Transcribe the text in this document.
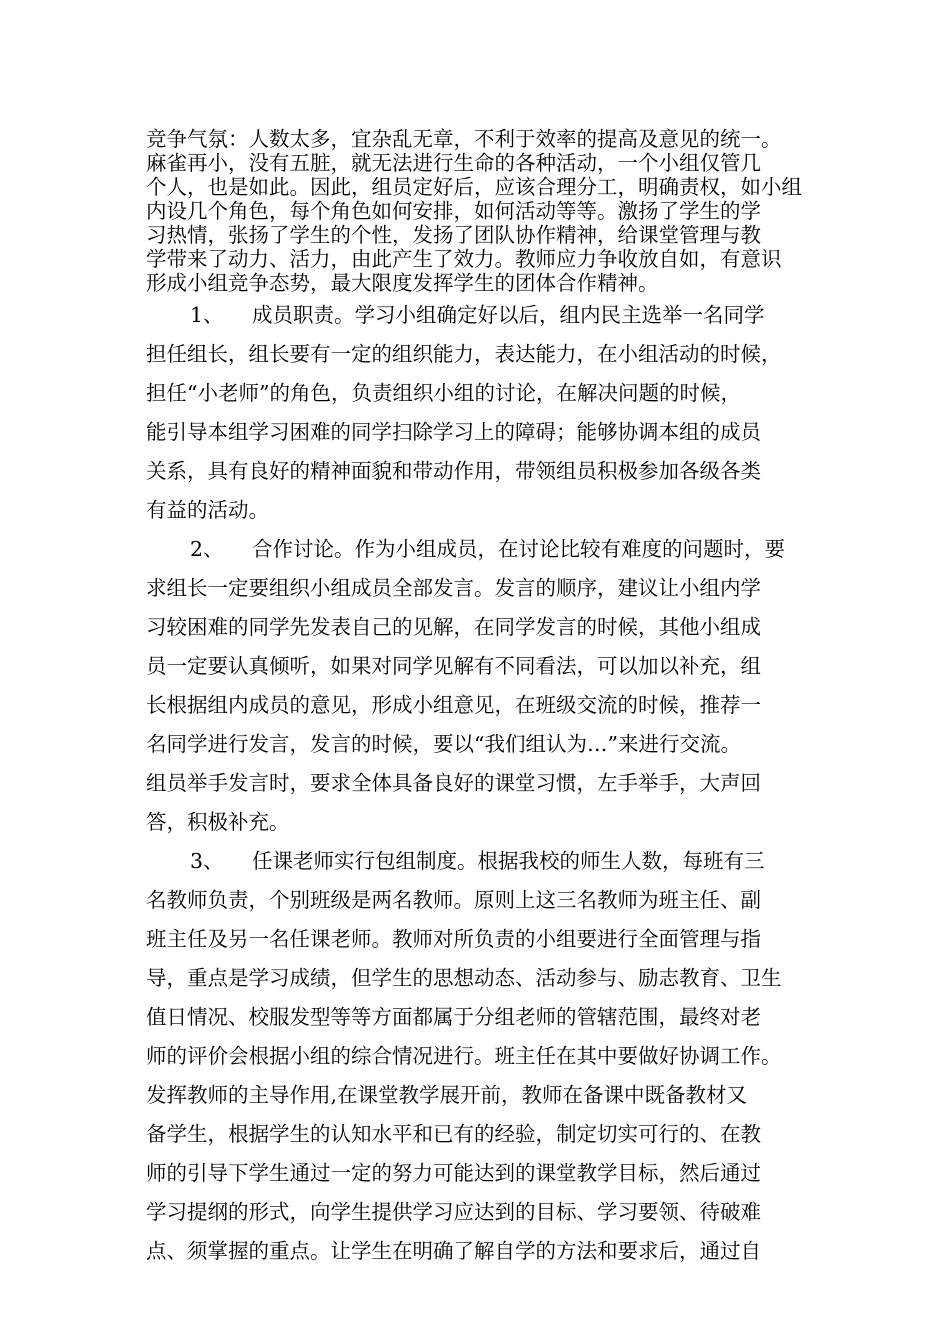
竞争气氛：人数太多，宜杂乱无章，不利于效率的提高及意见的统一。
麻雀再小，没有五脏，就无法进行生命的各种活动，一个小组仅管几
个人，也是如此。因此，组员定好后，应该合理分工，明确责权，如小组
内设几个角色，每个角色如何安排，如何活动等等。激扬了学生的学
习热情，张扬了学生的个性，发扬了团队协作精神，给课堂管理与教
学带来了动力、活力，由此产生了效力。教师应力争收放自如，有意识
形成小组竞争态势，最大限度发挥学生的团体合作精神。
1、 成员职责。学习小组确定好以后，组内民主选举一名同学
担任组长，组长要有一定的组织能力，表达能力，在小组活动的时候，
担任“小老师”的角色，负责组织小组的讨论，在解决问题的时候，
能引导本组学习困难的同学扫除学习上的障碍；能够协调本组的成员
关系，具有良好的精神面貌和带动作用，带领组员积极参加各级各类
有益的活动。
2、 合作讨论。作为小组成员，在讨论比较有难度的问题时，要
求组长一定要组织小组成员全部发言。发言的顺序，建议让小组内学
习较困难的同学先发表自己的见解，在同学发言的时候，其他小组成
员一定要认真倾听，如果对同学见解有不同看法，可以加以补充，组
长根据组内成员的意见，形成小组意见，在班级交流的时候，推荐一
名同学进行发言，发言的时候，要以“我们组认为…”来进行交流。
组员举手发言时，要求全体具备良好的课堂习惯，左手举手，大声回
答，积极补充。
3、 任课老师实行包组制度。根据我校的师生人数，每班有三
名教师负责，个别班级是两名教师。原则上这三名教师为班主任、副
班主任及另一名任课老师。教师对所负责的小组要进行全面管理与指
导，重点是学习成绩，但学生的思想动态、活动参与、励志教育、卫生
值日情况、校服发型等等方面都属于分组老师的管辖范围，最终对老
师的评价会根据小组的综合情况进行。班主任在其中要做好协调工作。
发挥教师的主导作用,在课堂教学展开前，教师在备课中既备教材又
备学生，根据学生的认知水平和已有的经验，制定切实可行的、在教
师的引导下学生通过一定的努力可能达到的课堂教学目标，然后通过
学习提纲的形式，向学生提供学习应达到的目标、学习要领、待破难
点、须掌握的重点。让学生在明确了解自学的方法和要求后，通过自
